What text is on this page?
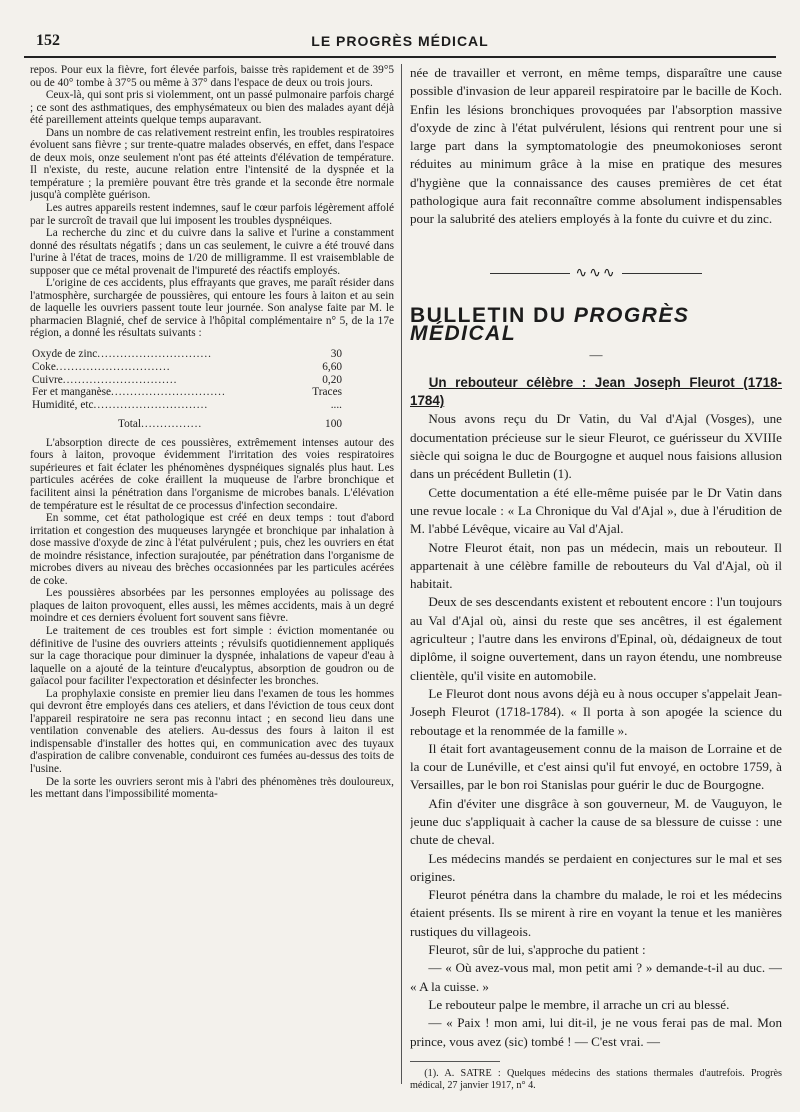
152	LE PROGRÈS MÉDICAL

repos. Pour eux la fièvre, fort élevée parfois, baisse très rapidement et de 39°5 ou de 40° tombe à 37°5 ou même à 37° dans l'espace de deux ou trois jours.

Ceux-là, qui sont pris si violemment, ont un passé pulmonaire parfois chargé ; ce sont des asthmatiques, des emphysémateux ou bien des malades ayant déjà été pareillement atteints quelque temps auparavant.

Dans un nombre de cas relativement restreint enfin, les troubles respiratoires évoluent sans fièvre ; sur trente-quatre malades observés, en effet, dans l'espace de deux mois, onze seulement n'ont pas été atteints d'élévation de température. Il n'existe, du reste, aucune relation entre l'intensité de la dyspnée et la température ; la première pouvant être très grande et la seconde être normale jusqu'à complète guérison.

Les autres appareils restent indemnes, sauf le cœur parfois légèrement affolé par le surcroît de travail que lui imposent les troubles dyspnéiques.

La recherche du zinc et du cuivre dans la salive et l'urine a constamment donné des résultats négatifs ; dans un cas seulement, le cuivre a été trouvé dans l'urine à l'état de traces, moins de 1/20 de milligramme. Il est vraisemblable de supposer que ce métal provenait de l'impureté des réactifs employés.

L'origine de ces accidents, plus effrayants que graves, me paraît résider dans l'atmosphère, surchargée de poussières, qui entoure les fours à laiton et au sein de laquelle les ouvriers passent toute leur journée. Son analyse faite par M. le pharmacien Blagnié, chef de service à l'hôpital complémentaire n° 5, de la 17e région, a donné les résultats suivants :

Oxyde de zinc..............................	30
Coke..............................	6,60
Cuivre..............................	0,20
Fer et manganèse..............................	Traces
Humidité, etc..............................	....
Total................	100

L'absorption directe de ces poussières, extrêmement intenses autour des fours à laiton, provoque évidemment l'irritation des voies respiratoires supérieures et fait éclater les phénomènes dyspnéiques signalés plus haut. Les particules acérées de coke éraillent la muqueuse de l'arbre bronchique et facilitent ainsi la pénétration dans l'organisme de microbes banals. L'élévation de température est le résultat de ce processus d'infection secondaire.

En somme, cet état pathologique est créé en deux temps : tout d'abord irritation et congestion des muqueuses laryngée et bronchique par inhalation à dose massive d'oxyde de zinc à l'état pulvérulent ; puis, chez les ouvriers en état de moindre résistance, infection surajoutée, par pénétration dans l'organisme de microbes divers au niveau des brèches occasionnées par les particules acérées de coke.

Les poussières absorbées par les personnes employées au polissage des plaques de laiton provoquent, elles aussi, les mêmes accidents, mais à un degré moindre et ces derniers évoluent fort souvent sans fièvre.

Le traitement de ces troubles est fort simple : éviction momentanée ou définitive de l'usine des ouvriers atteints ; révulsifs quotidiennement appliqués sur la cage thoracique pour diminuer la dyspnée, inhalations de vapeur d'eau à laquelle on a ajouté de la teinture d'eucalyptus, absorption de goudron ou de gaïacol pour faciliter l'expectoration et désinfecter les bronches.

La prophylaxie consiste en premier lieu dans l'examen de tous les hommes qui devront être employés dans ces ateliers, et dans l'éviction de tous ceux dont l'appareil respiratoire ne sera pas reconnu intact ; en second lieu dans une ventilation convenable des ateliers. Au-dessus des fours à laiton il est indispensable d'installer des hottes qui, en communication avec des tuyaux d'aspiration de calibre convenable, conduiront ces fumées au-dessus des toits de l'usine.

De la sorte les ouvriers seront mis à l'abri des phénomènes très douloureux, les mettant dans l'impossibilité momenta-

née de travailler et verront, en même temps, disparaître une cause possible d'invasion de leur appareil respiratoire par le bacille de Koch. Enfin les lésions bronchiques provoquées par l'absorption massive d'oxyde de zinc à l'état pulvérulent, lésions qui rentrent pour une si large part dans la symptomatologie des pneumokonioses seront réduites au minimum grâce à la mise en pratique des mesures d'hygiène que la connaissance des causes premières de cet état pathologique aura fait reconnaître comme absolument indispensables pour la salubrité des ateliers employés à la fonte du cuivre et du zinc.

∿∿∿
BULLETIN DU PROGRÈS MÉDICAL
—

Un rebouteur célèbre : Jean Joseph Fleurot (1718-1784)

Nous avons reçu du Dr Vatin, du Val d'Ajal (Vosges), une documentation précieuse sur le sieur Fleurot, ce guérisseur du XVIIIe siècle qui soigna le duc de Bourgogne et auquel nous faisions allusion dans un précédent Bulletin (1).

Cette documentation a été elle-même puisée par le Dr Vatin dans une revue locale : « La Chronique du Val d'Ajal », due à l'érudition de M. l'abbé Lévêque, vicaire au Val d'Ajal.

Notre Fleurot était, non pas un médecin, mais un rebouteur. Il appartenait à une célèbre famille de rebouteurs du Val d'Ajal, où il habitait.

Deux de ses descendants existent et reboutent encore : l'un toujours au Val d'Ajal où, ainsi du reste que ses ancêtres, il est également agriculteur ; l'autre dans les environs d'Epinal, où, dédaigneux de tout diplôme, il soigne ouvertement, dans un rayon étendu, une nombreuse clientèle, qu'il visite en automobile.

Le Fleurot dont nous avons déjà eu à nous occuper s'appelait Jean-Joseph Fleurot (1718-1784). « Il porta à son apogée la science du reboutage et la renommée de la famille ».

Il était fort avantageusement connu de la maison de Lorraine et de la cour de Lunéville, et c'est ainsi qu'il fut envoyé, en octobre 1759, à Versailles, par le bon roi Stanislas pour guérir le duc de Bourgogne.

Afin d'éviter une disgrâce à son gouverneur, M. de Vauguyon, le jeune duc s'appliquait à cacher la cause de sa blessure de cuisse : une chute de cheval.

Les médecins mandés se perdaient en conjectures sur le mal et ses origines.

Fleurot pénétra dans la chambre du malade, le roi et les médecins étaient présents. Ils se mirent à rire en voyant la tenue et les manières rustiques du villageois.

Fleurot, sûr de lui, s'approche du patient :

— « Où avez-vous mal, mon petit ami ? » demande-t-il au duc. — « A la cuisse. »

Le rebouteur palpe le membre, il arrache un cri au blessé.

— « Paix ! mon ami, lui dit-il, je ne vous ferai pas de mal. Mon prince, vous avez (sic) tombé ! — C'est vrai. —

(1). A. SATRE : Quelques médecins des stations thermales d'autrefois. Progrès médical, 27 janvier 1917, n° 4.
